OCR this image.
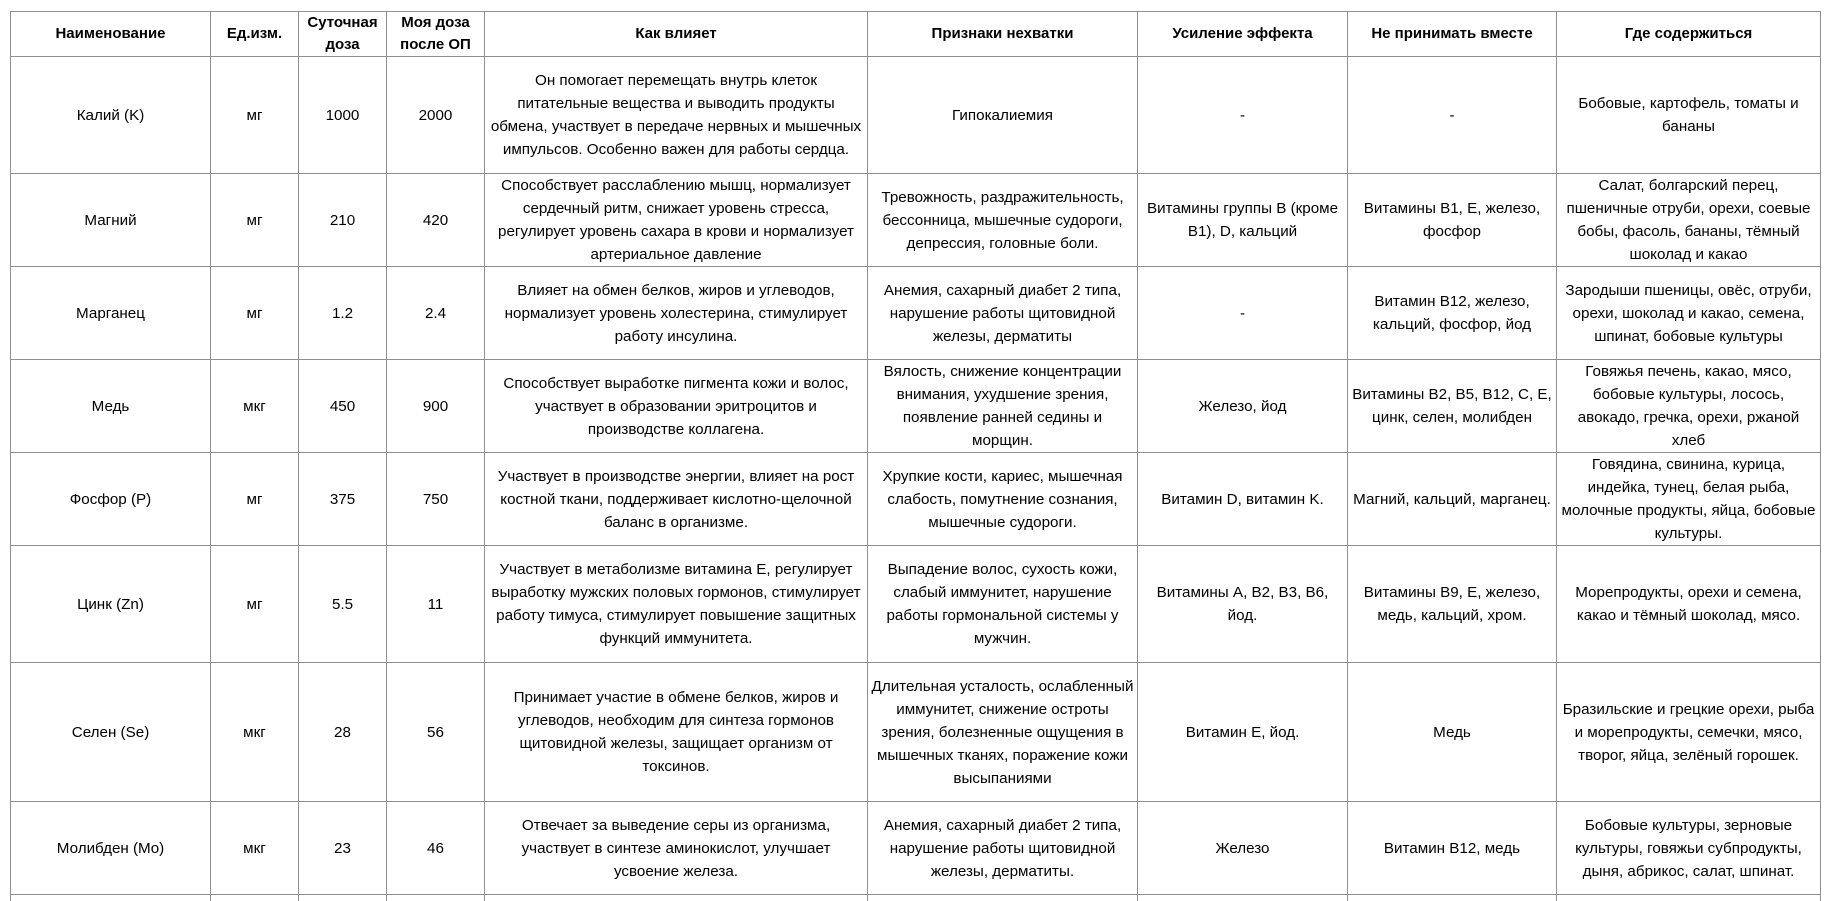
Наименование	Ед.изм.	Суточная доза	Моя доза после ОП	Как влияет	Признаки нехватки	Усиление эффекта	Не принимать вместе	Где содержиться
Калий (K)	мг	1000	2000	Он помогает перемещать внутрь клеток питательные вещества и выводить продукты обмена, участвует в передаче нервных и мышечных импульсов. Особенно важен для работы сердца.	Гипокалиемия	-	-	Бобовые, картофель, томаты и бананы
Магний	мг	210	420	Способствует расслаблению мышц, нормализует сердечный ритм, снижает уровень стресса, регулирует уровень сахара в крови и нормализует артериальное давление	Тревожность, раздражительность, бессонница, мышечные судороги, депрессия, головные боли.	Витамины группы B (кроме B1), D, кальций	Витамины B1, E, железо, фосфор	Салат, болгарский перец, пшеничные отруби, орехи, соевые бобы, фасоль, бананы, тёмный шоколад и какао
Марганец	мг	1.2	2.4	Влияет на обмен белков, жиров и углеводов, нормализует уровень холестерина, стимулирует работу инсулина.	Анемия, сахарный диабет 2 типа, нарушение работы щитовидной железы, дерматиты	-	Витамин B12, железо, кальций, фосфор, йод	Зародыши пшеницы, овёс, отруби, орехи, шоколад и какао, семена, шпинат, бобовые культуры
Медь	мкг	450	900	Способствует выработке пигмента кожи и волос, участвует в образовании эритроцитов и производстве коллагена.	Вялость, снижение концентрации внимания, ухудшение зрения, появление ранней седины и морщин.	Железо, йод	Витамины B2, B5, B12, C, E, цинк, селен, молибден	Говяжья печень, какао, мясо, бобовые культуры, лосось, авокадо, гречка, орехи, ржаной хлеб
Фосфор (P)	мг	375	750	Участвует в производстве энергии, влияет на рост костной ткани, поддерживает кислотно-щелочной баланс в организме.	Хрупкие кости, кариес, мышечная слабость, помутнение сознания, мышечные судороги.	Витамин D, витамин K.	Магний, кальций, марганец.	Говядина, свинина, курица, индейка, тунец, белая рыба, молочные продукты, яйца, бобовые культуры.
Цинк (Zn)	мг	5.5	11	Участвует в метаболизме витамина E, регулирует выработку мужских половых гормонов, стимулирует работу тимуса, стимулирует повышение защитных функций иммунитета.	Выпадение волос, сухость кожи, слабый иммунитет, нарушение работы гормональной системы у мужчин.	Витамины A, B2, B3, B6, йод.	Витамины B9, E, железо, медь, кальций, хром.	Морепродукты, орехи и семена, какао и тёмный шоколад, мясо.
Селен (Se)	мкг	28	56	Принимает участие в обмене белков, жиров и углеводов, необходим для синтеза гормонов щитовидной железы, защищает организм от токсинов.	Длительная усталость, ослабленный иммунитет, снижение остроты зрения, болезненные ощущения в мышечных тканях, поражение кожи высыпаниями	Витамин E, йод.	Медь	Бразильские и грецкие орехи, рыба и морепродукты, семечки, мясо, творог, яйца, зелёный горошек.
Молибден (Mo)	мкг	23	46	Отвечает за выведение серы из организма, участвует в синтезе аминокислот, улучшает усвоение железа.	Анемия, сахарный диабет 2 типа, нарушение работы щитовидной железы, дерматиты.	Железо	Витамин B12, медь	Бобовые культуры, зерновые культуры, говяжьи субпродукты, дыня, абрикос, салат, шпинат.
